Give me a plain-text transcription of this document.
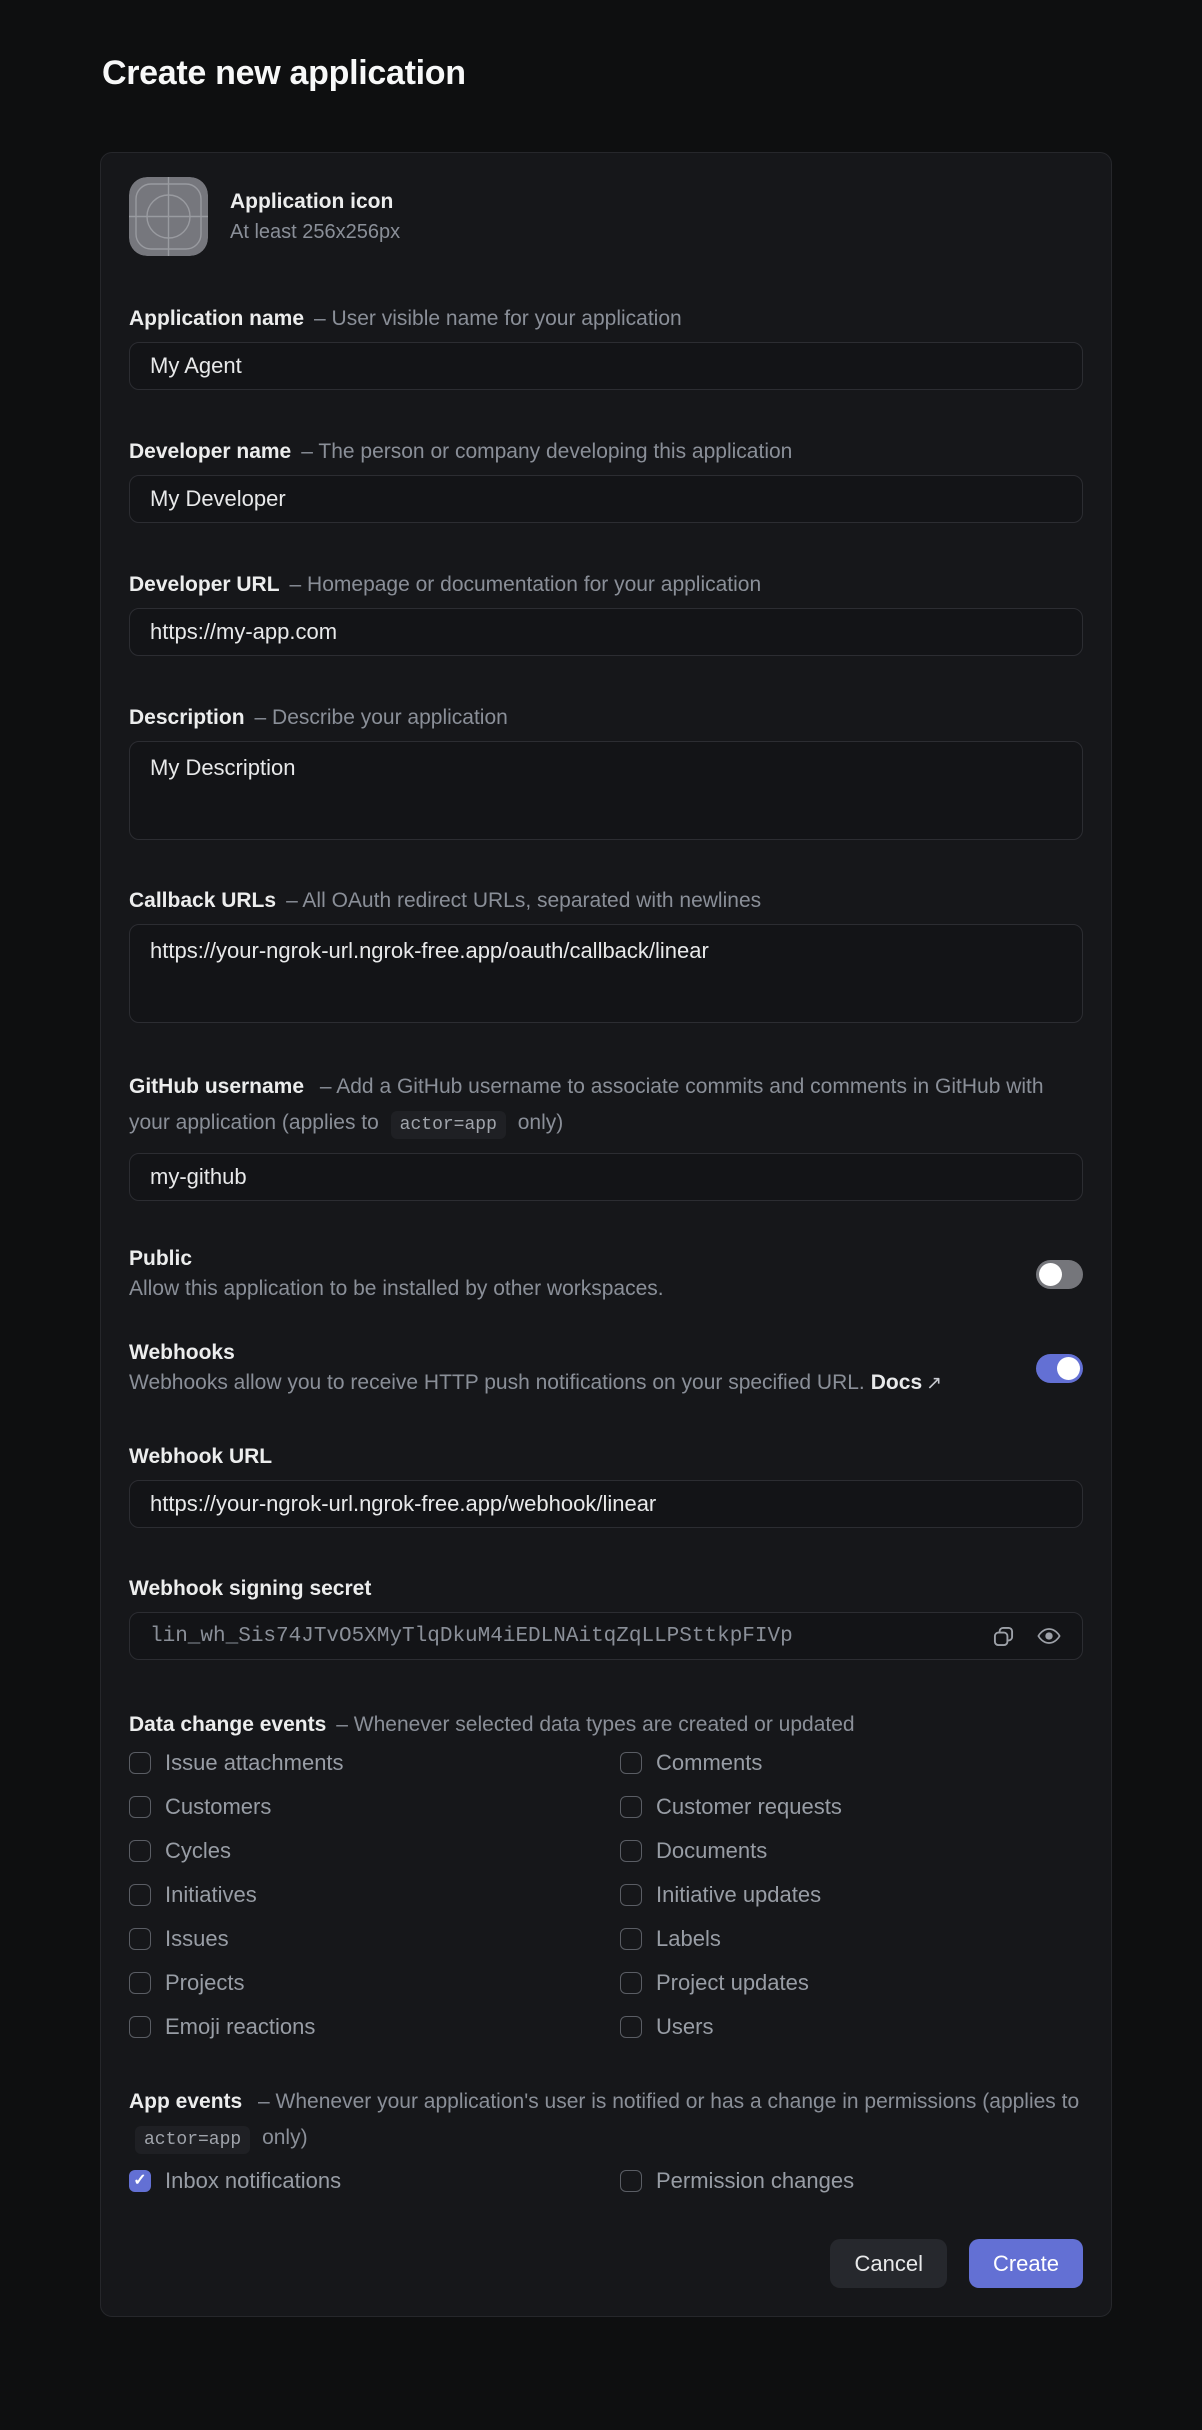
Create new application
Application icon
At least 256x256px
Application name – User visible name for your application
My Agent
Developer name – The person or company developing this application
My Developer
Developer URL – Homepage or documentation for your application
https://my-app.com
Description – Describe your application
My Description
Callback URLs – All OAuth redirect URLs, separated with newlines
https://your-ngrok-url.ngrok-free.app/oauth/callback/linear
GitHub username – Add a GitHub username to associate commits and comments in GitHub with your application (applies to actor=app only)
my-github
Public
Allow this application to be installed by other workspaces.
Webhooks
Webhooks allow you to receive HTTP push notifications on your specified URL. Docs ↗
Webhook URL
https://your-ngrok-url.ngrok-free.app/webhook/linear
Webhook signing secret
lin_wh_Sis74JTvO5XMyTlqDkuM4iEDLNAitqZqLLPSttkpFIVp
Data change events – Whenever selected data types are created or updated
Issue attachments
Customers
Cycles
Initiatives
Issues
Projects
Emoji reactions
Comments
Customer requests
Documents
Initiative updates
Labels
Project updates
Users
App events – Whenever your application's user is notified or has a change in permissions (applies to actor=app only)
✓ Inbox notifications	Permission changes
Cancel	Create
